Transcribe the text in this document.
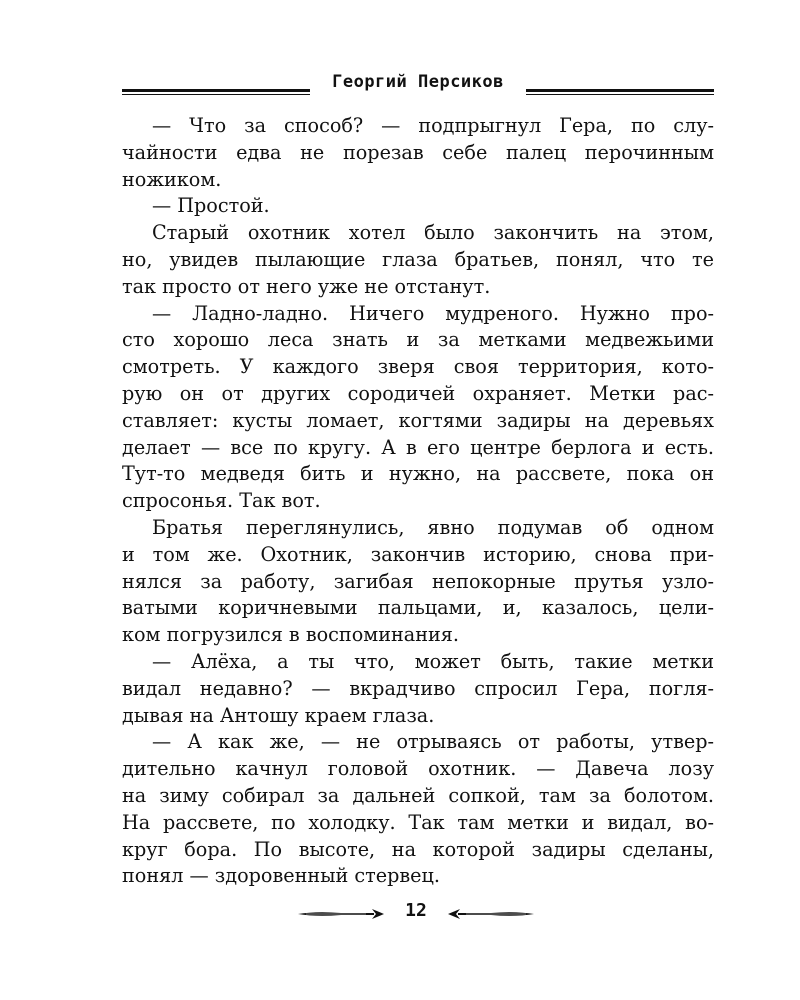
Георгий Персиков
— Что за способ? — подпрыгнул Гера, по слу-
чайности едва не порезав себе палец перочинным
ножиком.
— Простой.
Старый охотник хотел было закончить на этом,
но, увидев пылающие глаза братьев, понял, что те
так просто от него уже не отстанут.
— Ладно-ладно. Ничего мудреного. Нужно про-
сто хорошо леса знать и за метками медвежьими
смотреть. У каждого зверя своя территория, кото-
рую он от других сородичей охраняет. Метки рас-
ставляет: кусты ломает, когтями задиры на деревьях
делает — все по кругу. А в его центре берлога и есть.
Тут-то медведя бить и нужно, на рассвете, пока он
спросонья. Так вот.
Братья переглянулись, явно подумав об одном
и том же. Охотник, закончив историю, снова при-
нялся за работу, загибая непокорные прутья узло-
ватыми коричневыми пальцами, и, казалось, цели-
ком погрузился в воспоминания.
— Алёха, а ты что, может быть, такие метки
видал недавно? — вкрадчиво спросил Гера, погля-
дывая на Антошу краем глаза.
— А как же, — не отрываясь от работы, утвер-
дительно качнул головой охотник. — Давеча лозу
на зиму собирал за дальней сопкой, там за болотом.
На рассвете, по холодку. Так там метки и видал, во-
круг бора. По высоте, на которой задиры сделаны,
понял — здоровенный стервец.
12
